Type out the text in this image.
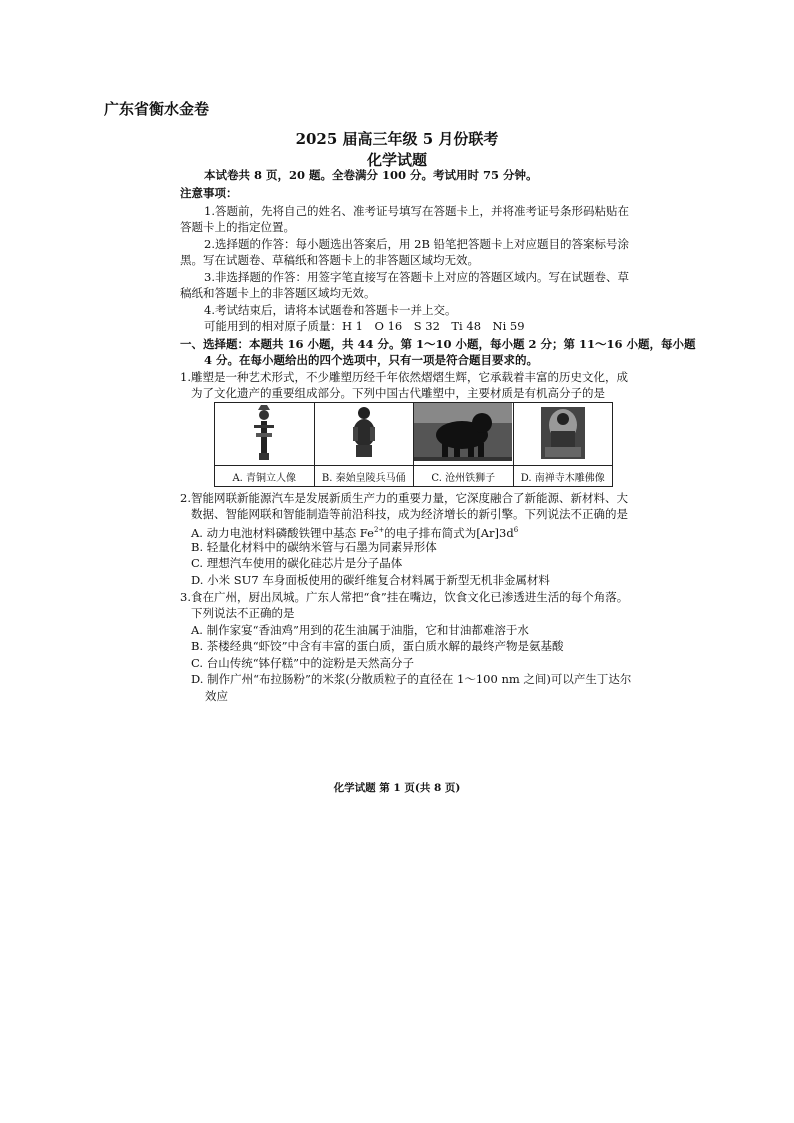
广东省衡水金卷
2025 届高三年级 5 月份联考
化学试题
本试卷共 8 页，20 题。全卷满分 100 分。考试用时 75 分钟。
注意事项：
1.答题前，先将自己的姓名、准考证号填写在答题卡上，并将准考证号条形码粘贴在
答题卡上的指定位置。
2.选择题的作答：每小题选出答案后，用 2B 铅笔把答题卡上对应题目的答案标号涂
黑。写在试题卷、草稿纸和答题卡上的非答题区域均无效。
3.非选择题的作答：用签字笔直接写在答题卡上对应的答题区域内。写在试题卷、草
稿纸和答题卡上的非答题区域均无效。
4.考试结束后，请将本试题卷和答题卡一并上交。
可能用到的相对原子质量：H 1　O 16　S 32　Ti 48　Ni 59
一、选择题：本题共 16 小题，共 44 分。第 1～10 小题，每小题 2 分；第 11～16 小题，每小题
4 分。在每小题给出的四个选项中，只有一项是符合题目要求的。
1.雕塑是一种艺术形式，不少雕塑历经千年依然熠熠生辉，它承载着丰富的历史文化，成
为了文化遗产的重要组成部分。下列中国古代雕塑中，主要材质是有机高分子的是

A. 青铜立人像	B. 秦始皇陵兵马俑	C. 沧州铁狮子	D. 南禅寺木雕佛像
2.智能网联新能源汽车是发展新质生产力的重要力量，它深度融合了新能源、新材料、大
数据、智能网联和智能制造等前沿科技，成为经济增长的新引擎。下列说法不正确的是
A. 动力电池材料磷酸铁锂中基态 $Fe^{2+}$的电子排布简式为$[Ar]3d^6$
B. 轻量化材料中的碳纳米管与石墨为同素异形体
C. 理想汽车使用的碳化硅芯片是分子晶体
D. 小米 SU7 车身面板使用的碳纤维复合材料属于新型无机非金属材料
3.食在广州，厨出凤城。广东人常把“食”挂在嘴边，饮食文化已渗透进生活的每个角落。
下列说法不正确的是
A. 制作家宴“香油鸡”用到的花生油属于油脂，它和甘油都难溶于水
B. 茶楼经典“虾饺”中含有丰富的蛋白质，蛋白质水解的最终产物是氨基酸
C. 台山传统“钵仔糕”中的淀粉是天然高分子
D. 制作广州“布拉肠粉”的米浆(分散质粒子的直径在 1～100 nm 之间)可以产生丁达尔
效应
化学试题 第 1 页(共 8 页)
